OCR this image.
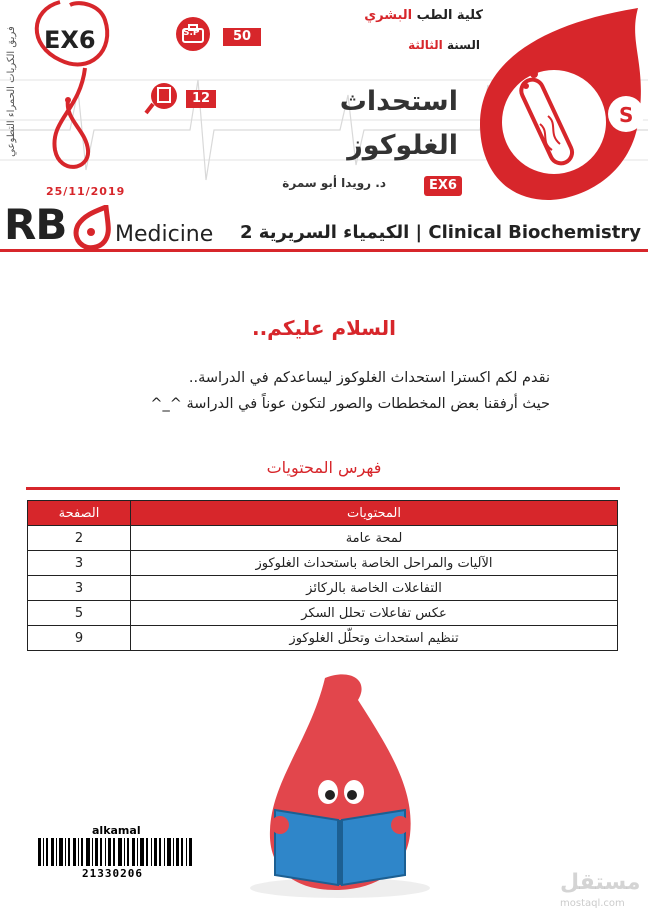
فريق الكريات الحمراء التطوعي EX6	S.P	50
12
25/11/2019
كلية الطب البشري
السنة الثالثة
استحداث
الغلوكوز
د. رويدا أبو سمرة	EX6
S
RB Medicine الكيمياء السريرية 2 | Clinical Biochemistry
السلام عليكم..
نقدم لكم اكسترا استحداث الغلوكوز ليساعدكم في الدراسة..
حيث أرفقنا بعض المخططات والصور لتكون عوناً في الدراسة ^_^
فهرس المحتويات
المحتويات	الصفحة
لمحة عامة	2
الآليات والمراحل الخاصة باستحداث الغلوكوز	3
التفاعلات الخاصة بالركائز	3
عكس تفاعلات تحلل السكر	5
تنظيم استحداث وتحلّل الغلوكوز	9
alkamal
21330206	مستقل
mostaql.com
